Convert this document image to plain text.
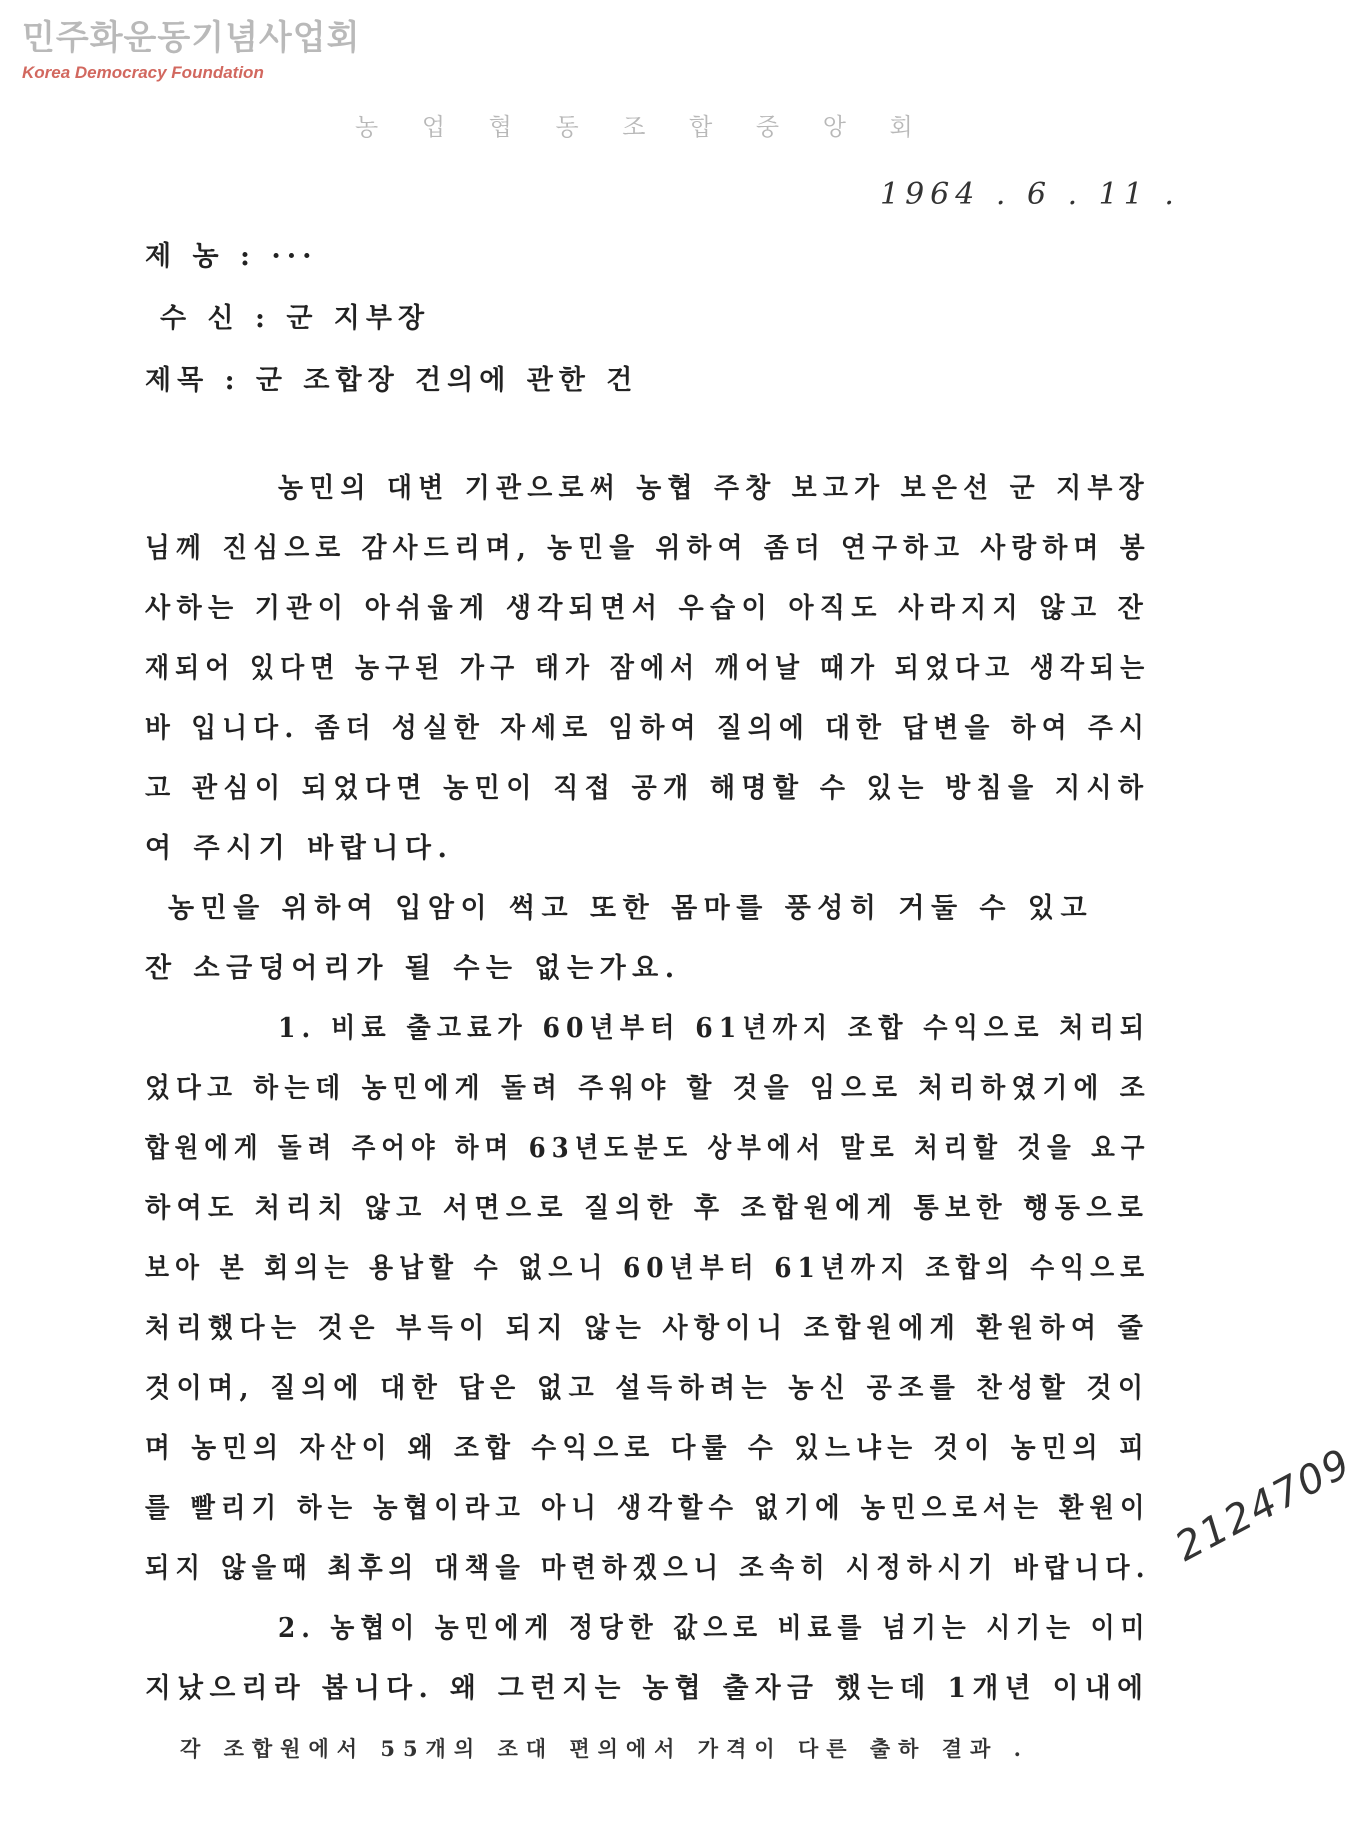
민주화운동기념사업회
Korea Democracy Foundation
농 업 협 동 조 합 중 앙 회
1964 . 6 . 11 .
제 농 : ···
수 신 : 군 지부장
제목 : 군 조합장 건의에 관한 건
농민의 대변 기관으로써 농협 주창 보고가 보은선 군 지부장
님께 진심으로 감사드리며, 농민을 위하여 좀더 연구하고 사랑하며 봉
사하는 기관이 아쉬웁게 생각되면서 우습이 아직도 사라지지 않고 잔
재되어 있다면 농구된 가구 태가 잠에서 깨어날 때가 되었다고 생각되는
바 입니다. 좀더 성실한 자세로 임하여 질의에 대한 답변을 하여 주시
고 관심이 되었다면 농민이 직접 공개 해명할 수 있는 방침을 지시하
여 주시기 바랍니다.
농민을 위하여 입암이 썩고 또한 몸마를 풍성히 거둘 수 있고
잔 소금덩어리가 될 수는 없는가요.
1. 비료 출고료가 60년부터 61년까지 조합 수익으로 처리되
었다고 하는데 농민에게 돌려 주워야 할 것을 임으로 처리하였기에 조
합원에게 돌려 주어야 하며 63년도분도 상부에서 말로 처리할 것을 요구
하여도 처리치 않고 서면으로 질의한 후 조합원에게 통보한 행동으로
보아 본 회의는 용납할 수 없으니 60년부터 61년까지 조합의 수익으로
처리했다는 것은 부득이 되지 않는 사항이니 조합원에게 환원하여 줄
것이며, 질의에 대한 답은 없고 설득하려는 농신 공조를 찬성할 것이
며 농민의 자산이 왜 조합 수익으로 다룰 수 있느냐는 것이 농민의 피
를 빨리기 하는 농협이라고 아니 생각할수 없기에 농민으로서는 환원이
되지 않을때 최후의 대책을 마련하겠으니 조속히 시정하시기 바랍니다.
2. 농협이 농민에게 정당한 값으로 비료를 넘기는 시기는 이미
지났으리라 봅니다. 왜 그런지는 농협 출자금 했는데 1개년 이내에
각 조합원에서 55개의 조대 편의에서 가격이 다른 출하 결과 .
2124709
